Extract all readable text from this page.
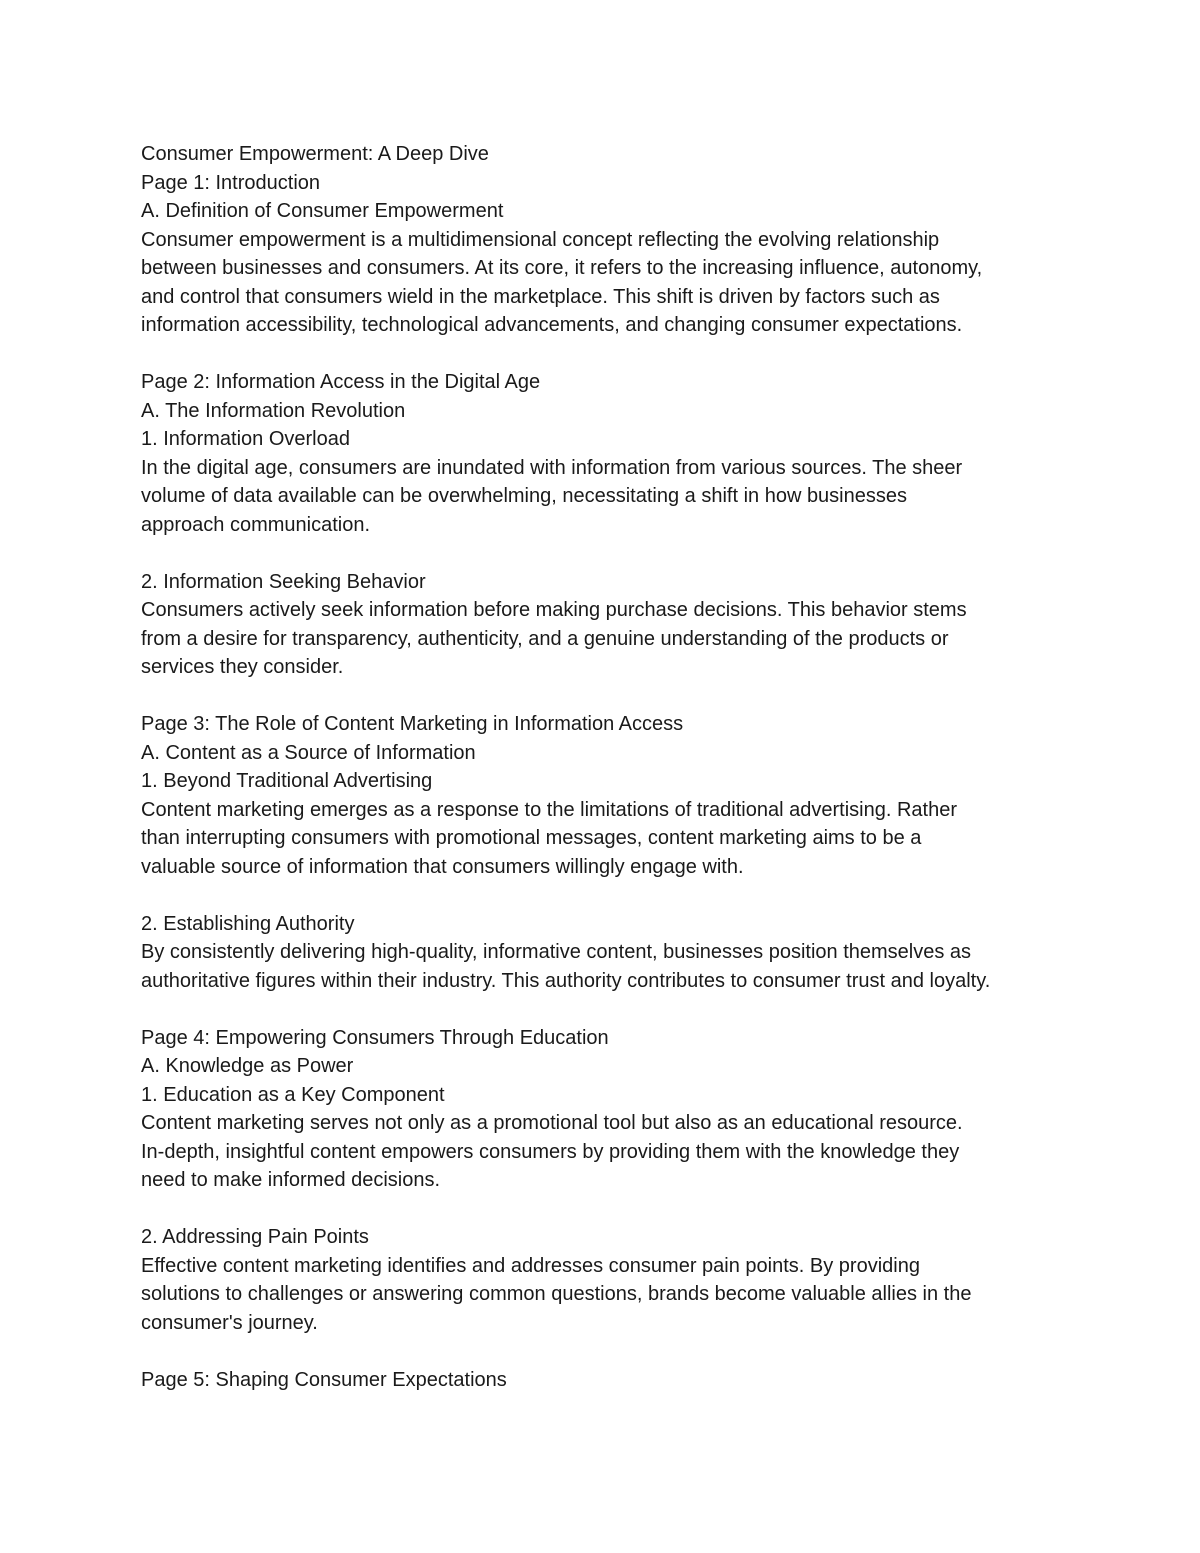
Consumer Empowerment: A Deep Dive

Page 1: Introduction

A. Definition of Consumer Empowerment

Consumer empowerment is a multidimensional concept reflecting the evolving relationship

between businesses and consumers. At its core, it refers to the increasing influence, autonomy,

and control that consumers wield in the marketplace. This shift is driven by factors such as

information accessibility, technological advancements, and changing consumer expectations.

Page 2: Information Access in the Digital Age

A. The Information Revolution

1. Information Overload

In the digital age, consumers are inundated with information from various sources. The sheer

volume of data available can be overwhelming, necessitating a shift in how businesses

approach communication.

2. Information Seeking Behavior

Consumers actively seek information before making purchase decisions. This behavior stems

from a desire for transparency, authenticity, and a genuine understanding of the products or

services they consider.

Page 3: The Role of Content Marketing in Information Access

A. Content as a Source of Information

1. Beyond Traditional Advertising

Content marketing emerges as a response to the limitations of traditional advertising. Rather

than interrupting consumers with promotional messages, content marketing aims to be a

valuable source of information that consumers willingly engage with.

2. Establishing Authority

By consistently delivering high-quality, informative content, businesses position themselves as

authoritative figures within their industry. This authority contributes to consumer trust and loyalty.

Page 4: Empowering Consumers Through Education

A. Knowledge as Power

1. Education as a Key Component

Content marketing serves not only as a promotional tool but also as an educational resource.

In-depth, insightful content empowers consumers by providing them with the knowledge they

need to make informed decisions.

2. Addressing Pain Points

Effective content marketing identifies and addresses consumer pain points. By providing

solutions to challenges or answering common questions, brands become valuable allies in the

consumer's journey.

Page 5: Shaping Consumer Expectations
